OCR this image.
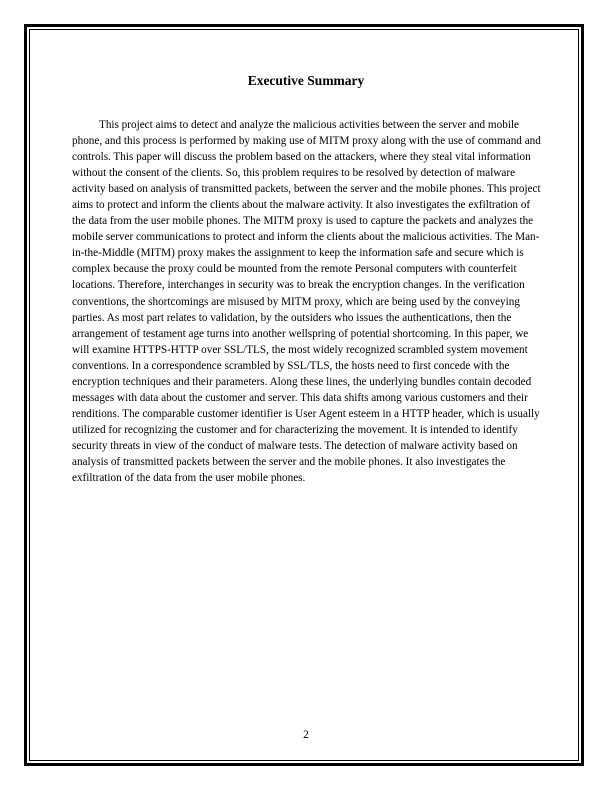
Executive Summary

This project aims to detect and analyze the malicious activities between the server and mobile phone, and this process is performed by making use of MITM proxy along with the use of command and controls. This paper will discuss the problem based on the attackers, where they steal vital information without the consent of the clients. So, this problem requires to be resolved by detection of malware activity based on analysis of transmitted packets, between the server and the mobile phones. This project aims to protect and inform the clients about the malware activity. It also investigates the exfiltration of the data from the user mobile phones. The MITM proxy is used to capture the packets and analyzes the mobile server communications to protect and inform the clients about the malicious activities. The Man-in-the-Middle (MITM) proxy makes the assignment to keep the information safe and secure which is complex because the proxy could be mounted from the remote Personal computers with counterfeit locations. Therefore, interchanges in security was to break the encryption changes. In the verification conventions, the shortcomings are misused by MITM proxy, which are being used by the conveying parties. As most part relates to validation, by the outsiders who issues the authentications, then the arrangement of testament age turns into another wellspring of potential shortcoming. In this paper, we will examine HTTPS-HTTP over SSL/TLS, the most widely recognized scrambled system movement conventions. In a correspondence scrambled by SSL/TLS, the hosts need to first concede with the encryption techniques and their parameters. Along these lines, the underlying bundles contain decoded messages with data about the customer and server. This data shifts among various customers and their renditions. The comparable customer identifier is User Agent esteem in a HTTP header, which is usually utilized for recognizing the customer and for characterizing the movement. It is intended to identify security threats in view of the conduct of malware tests. The detection of malware activity based on analysis of transmitted packets between the server and the mobile phones. It also investigates the exfiltration of the data from the user mobile phones.

2
